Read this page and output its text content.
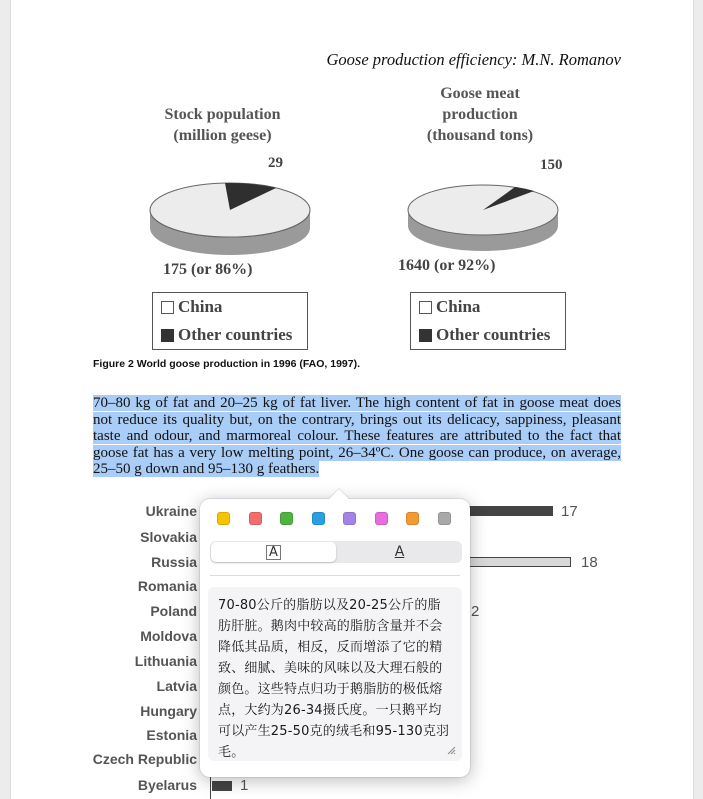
Goose production efficiency: M.N. Romanov
Stock population
(million geese)
29
175 (or 86%)
China
Other countries
Goose meat
production
(thousand tons)
150
1640 (or 92%)
China
Other countries
Figure 2 World goose production in 1996 (FAO, 1997).
70–80 kg of fat and 20–25 kg of fat liver. The high content of fat in goose meat does not reduce its quality but, on the contrary, brings out its delicacy, sappiness, pleasant taste and odour, and marmoreal colour. These features are attributed to the fact that goose fat has a very low melting point, 26–34ºC. One goose can produce, on average, 25–50 g down and 95–130 g feathers.
Ukraine
Slovakia
Russia
Romania
Poland
Moldova
Lithuania
Latvia
Hungary
Estonia
Czech Republic
Byelarus
17
18
2
1
A	A
70-80公斤的脂肪以及20-25公斤的脂肪肝脏。鹅肉中较高的脂肪含量并不会降低其品质，相反，反而增添了它的精致、细腻、美味的风味以及大理石般的颜色。这些特点归功于鹅脂肪的极低熔点，大约为26-34摄氏度。一只鹅平均可以产生25-50克的绒毛和95-130克羽毛。
